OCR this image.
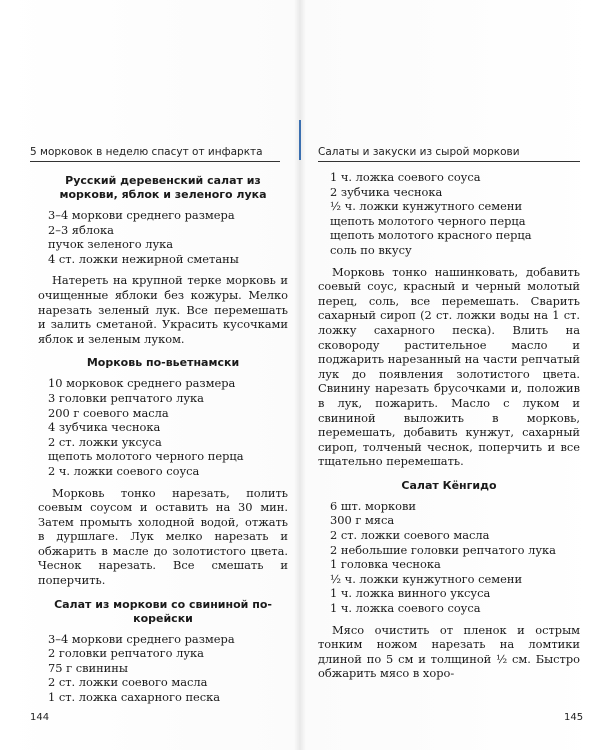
5 морковок в неделю спасут от инфаркта
Русский деревенский салат из моркови, яблок и зеленого лука
3–4 моркови среднего размера
2–3 яблока
пучок зеленого лука
4 ст. ложки нежирной сметаны

Натереть на крупной терке морковь и очищенные яблоки без кожуры. Мелко нарезать зеленый лук. Все перемешать и залить сметаной. Украсить кусочками яблок и зеленым луком.

Морковь по-вьетнамски
10 морковок среднего размера
3 головки репчатого лука
200 г соевого масла
4 зубчика чеснока
2 ст. ложки уксуса
щепоть молотого черного перца
2 ч. ложки соевого соуса

Морковь тонко нарезать, полить соевым соусом и оставить на 30 мин. Затем промыть холодной водой, отжать в дуршлаге. Лук мелко нарезать и обжарить в масле до золотистого цвета. Чеснок нарезать. Все смешать и поперчить.

Салат из моркови со свининой по-корейски
3–4 моркови среднего размера
2 головки репчатого лука
75 г свинины
2 ст. ложки соевого масла
1 ст. ложка сахарного песка
144
Салаты и закуски из сырой моркови
1 ч. ложка соевого соуса
2 зубчика чеснока
½ ч. ложки кунжутного семени
щепоть молотого черного перца
щепоть молотого красного перца
соль по вкусу

Морковь тонко нашинковать, добавить соевый соус, красный и черный молотый перец, соль, все перемешать. Сварить сахарный сироп (2 ст. ложки воды на 1 ст. ложку сахарного песка). Влить на сковороду растительное масло и поджарить нарезанный на части репчатый лук до появления золотистого цвета. Свинину нарезать брусочками и, положив в лук, пожарить. Масло с луком и свининой выложить в морковь, перемешать, добавить кунжут, сахарный сироп, толченый чеснок, поперчить и все тщательно перемешать.

Салат Кёнгидо
6 шт. моркови
300 г мяса
2 ст. ложки соевого масла
2 небольшие головки репчатого лука
1 головка чеснока
½ ч. ложки кунжутного семени
1 ч. ложка винного уксуса
1 ч. ложка соевого соуса

Мясо очистить от пленок и острым тонким ножом нарезать на ломтики длиной по 5 см и толщиной ½ см. Быстро обжарить мясо в хоро-

145
